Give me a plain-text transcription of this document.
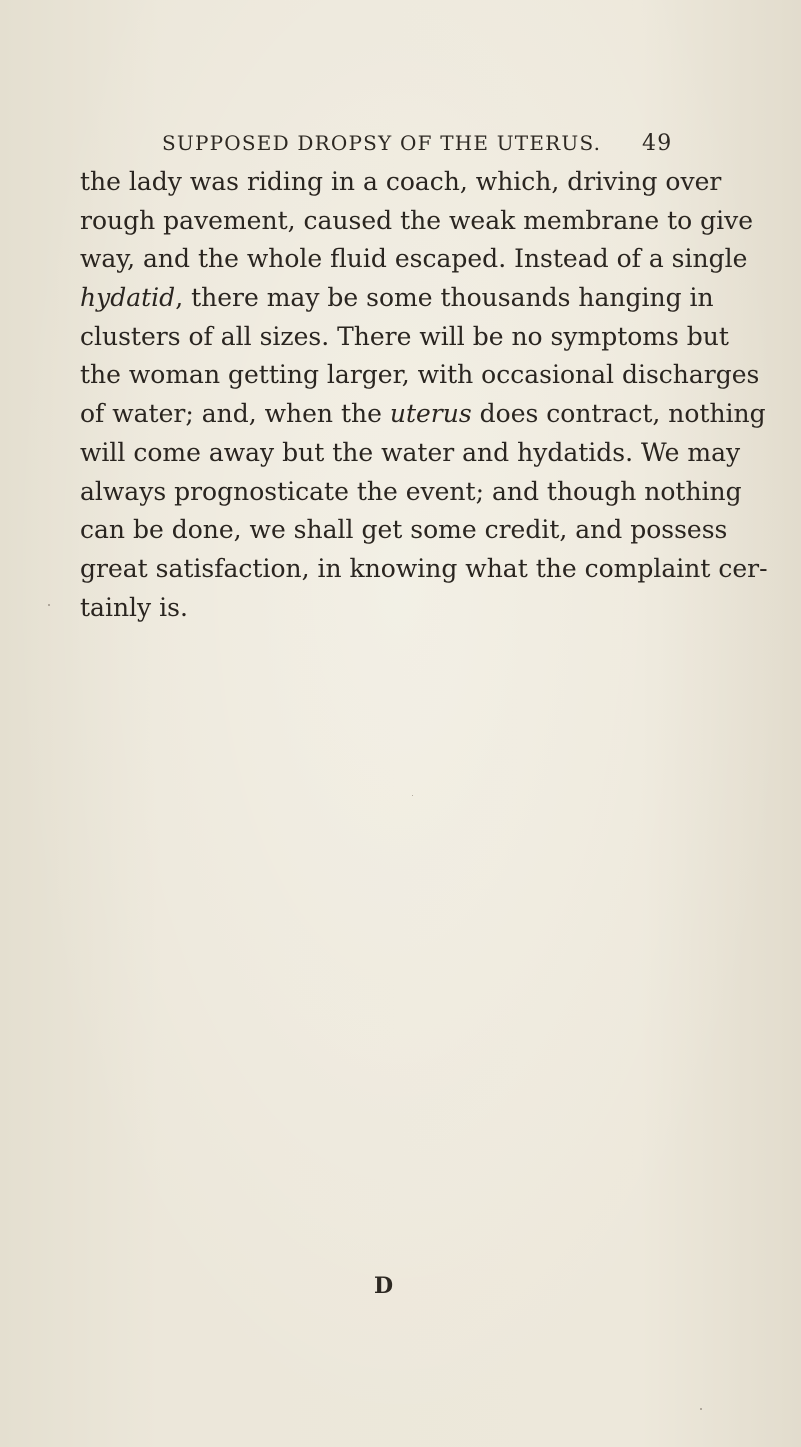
SUPPOSED DROPSY OF THE UTERUS. 49
the lady was riding in a coach, which, driving over
rough pavement, caused the weak membrane to give
way, and the whole fluid escaped. Instead of a single
hydatid, there may be some thousands hanging in
clusters of all sizes. There will be no symptoms but
the woman getting larger, with occasional discharges
of water; and, when the uterus does contract, nothing
will come away but the water and hydatids. We may
always prognosticate the event; and though nothing
can be done, we shall get some credit, and possess
great satisfaction, in knowing what the complaint cer-
tainly is.
D
